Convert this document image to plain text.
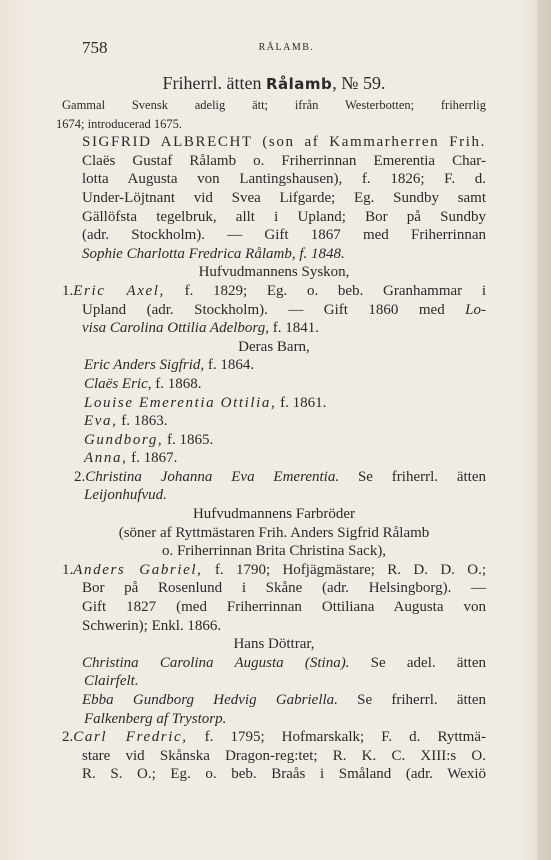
758	RÅLAMB.
Friherrl. ätten Rålamb, № 59.
Gammal Svensk adelig ätt; ifrån Westerbotten; friherrlig
1674; introducerad 1675.
SIGFRID ALBRECHT (son af Kammarherren Frih.
Claës Gustaf Rålamb o. Friherrinnan Emerentia Char-
lotta Augusta von Lantingshausen), f. 1826; F. d.
Under-Löjtnant vid Svea Lifgarde; Eg. Sundby samt
Gällöfsta tegelbruk, allt i Upland; Bor på Sundby
(adr. Stockholm). — Gift 1867 med Friherrinnan
Sophie Charlotta Fredrica Rålamb, f. 1848.
Hufvudmannens Syskon,
1.Eric Axel, f. 1829; Eg. o. beb. Granhammar i
Upland (adr. Stockholm). — Gift 1860 med Lo-
visa Carolina Ottilia Adelborg, f. 1841.
Deras Barn,
Eric Anders Sigfrid, f. 1864.
Claës Eric, f. 1868.
Louise Emerentia Ottilia, f. 1861.
Eva, f. 1863.
Gundborg, f. 1865.
Anna, f. 1867.
2.Christina Johanna Eva Emerentia. Se friherrl. ätten
Leijonhufvud.
Hufvudmannens Farbröder
(söner af Ryttmästaren Frih. Anders Sigfrid Rålamb
o. Friherrinnan Brita Christina Sack),
1.Anders Gabriel, f. 1790; Hofjägmästare; R. D. D. O.;
Bor på Rosenlund i Skåne (adr. Helsingborg). —
Gift 1827 (med Friherrinnan Ottiliana Augusta von
Schwerin); Enkl. 1866.
Hans Döttrar,
Christina Carolina Augusta (Stina). Se adel. ätten
Clairfelt.
Ebba Gundborg Hedvig Gabriella. Se friherrl. ätten
Falkenberg af Trystorp.
2.Carl Fredric, f. 1795; Hofmarskalk; F. d. Ryttmä-
stare vid Skånska Dragon-reg:tet; R. K. C. XIII:s O.
R. S. O.; Eg. o. beb. Braås i Småland (adr. Wexiö
